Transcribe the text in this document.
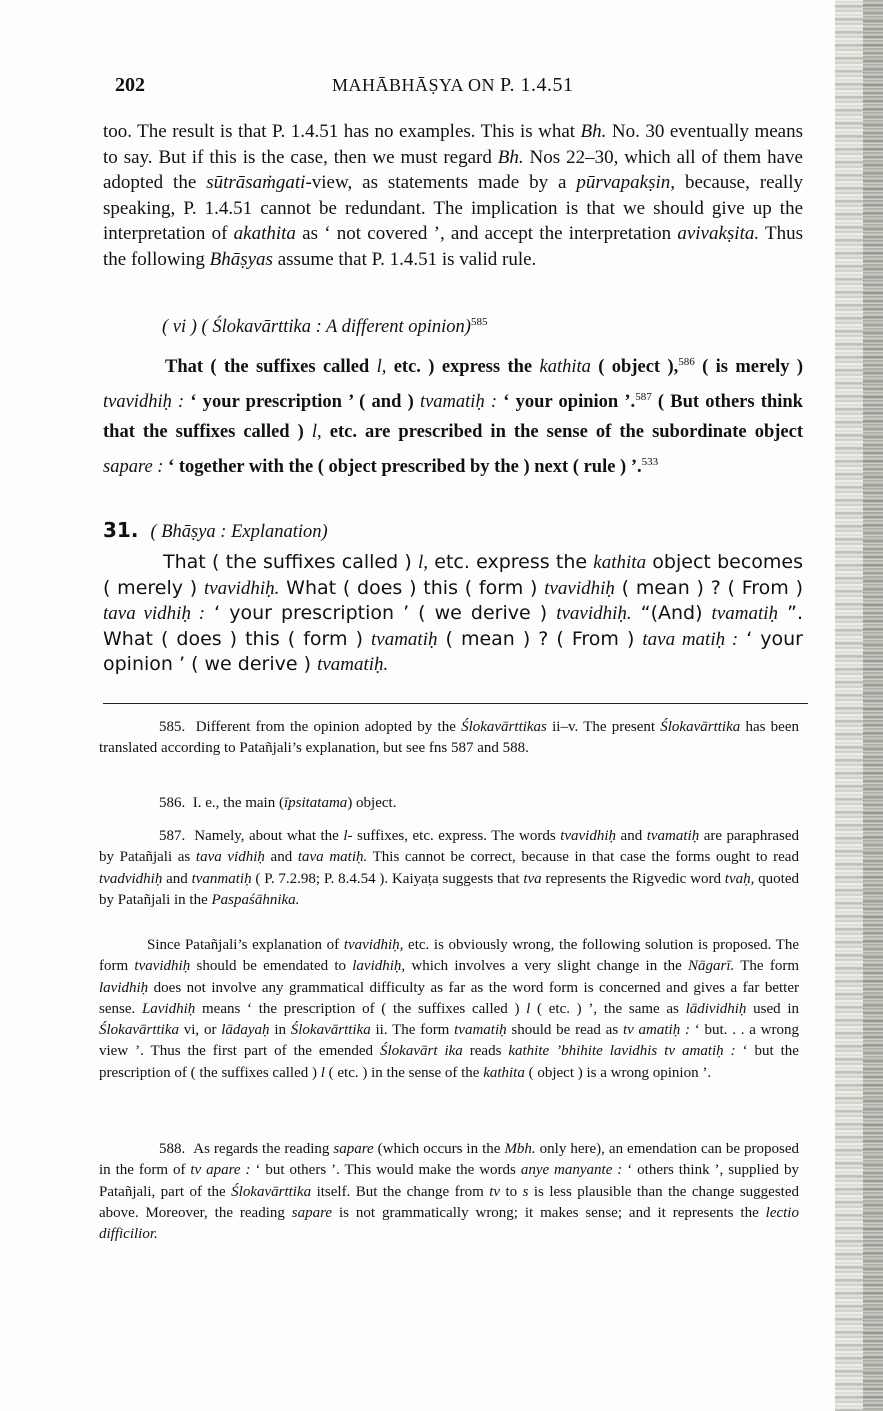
202	MAHĀBHĀṢYA ON P. 1.4.51
too. The result is that P. 1.4.51 has no examples. This is what Bh. No. 30 eventually means to say. But if this is the case, then we must regard Bh. Nos 22–30, which all of them have adopted the sūtrāsaṁgati-view, as statements made by a pūrvapakṣin, because, really speaking, P. 1.4.51 cannot be redundant. The implication is that we should give up the interpretation of akathita as ‘ not covered ’, and accept the interpretation avivakṣita. Thus the following Bhāṣyas assume that P. 1.4.51 is valid rule.
( vi ) ( Ślokavārttika : A different opinion)$^{585}$
That ( the suffixes called l, etc. ) express the kathita ( object ),$^{586}$ ( is merely ) tvavidhiḥ : ‘ your prescription ’ ( and ) tvamatiḥ : ‘ your opinion ’.$^{587}$ ( But others think that the suffixes called ) l, etc. are prescribed in the sense of the subordinate object sapare : ‘ together with the ( object prescribed by the ) next ( rule ) ’.$^{533}$
31. ( Bhāṣya : Explanation)
That ( the suffixes called ) l, etc. express the kathita object becomes ( merely ) tvavidhiḥ. What ( does ) this ( form ) tvavidhiḥ ( mean ) ? ( From ) tava vidhiḥ : ‘ your prescription ’ ( we derive ) tvavidhiḥ. “(And) tvamatiḥ ”. What ( does ) this ( form ) tvamatiḥ ( mean ) ? ( From ) tava matiḥ : ‘ your opinion ’ ( we derive ) tvamatiḥ.
585. Different from the opinion adopted by the Ślokavārttikas ii–v. The present Ślokavārttika has been translated according to Patañjali’s explanation, but see fns 587 and 588.
586. I. e., the main (īpsitatama) object.
587. Namely, about what the l- suffixes, etc. express. The words tvavidhiḥ and tvamatiḥ are paraphrased by Patañjali as tava vidhiḥ and tava matiḥ. This cannot be correct, because in that case the forms ought to read tvadvidhiḥ and tvanmatiḥ ( P. 7.2.98; P. 8.4.54 ). Kaiyaṭa suggests that tva represents the Rigvedic word tvaḥ, quoted by Patañjali in the Paspaśāhnika.
Since Patañjali’s explanation of tvavidhiḥ, etc. is obviously wrong, the following solution is proposed. The form tvavidhiḥ should be emendated to lavidhiḥ, which involves a very slight change in the Nāgarī. The form lavidhiḥ does not involve any grammatical difficulty as far as the word form is concerned and gives a far better sense. Lavidhiḥ means ‘ the prescription of ( the suffixes called ) l ( etc. ) ’, the same as lādividhiḥ used in Ślokavārttika vi, or lādayaḥ in Ślokavārttika ii. The form tvamatiḥ should be read as tv amatiḥ : ‘ but. . . a wrong view ’. Thus the first part of the emended Ślokavārt ika reads kathite ’bhihite lavidhis tv amatiḥ : ‘ but the prescription of ( the suffixes called ) l ( etc. ) in the sense of the kathita ( object ) is a wrong opinion ’.
588. As regards the reading sapare (which occurs in the Mbh. only here), an emendation can be proposed in the form of tv apare : ‘ but others ’. This would make the words anye manyante : ‘ others think ’, supplied by Patañjali, part of the Ślokavārttika itself. But the change from tv to s is less plausible than the change suggested above. Moreover, the reading sapare is not grammatically wrong; it makes sense; and it represents the lectio difficilior.
